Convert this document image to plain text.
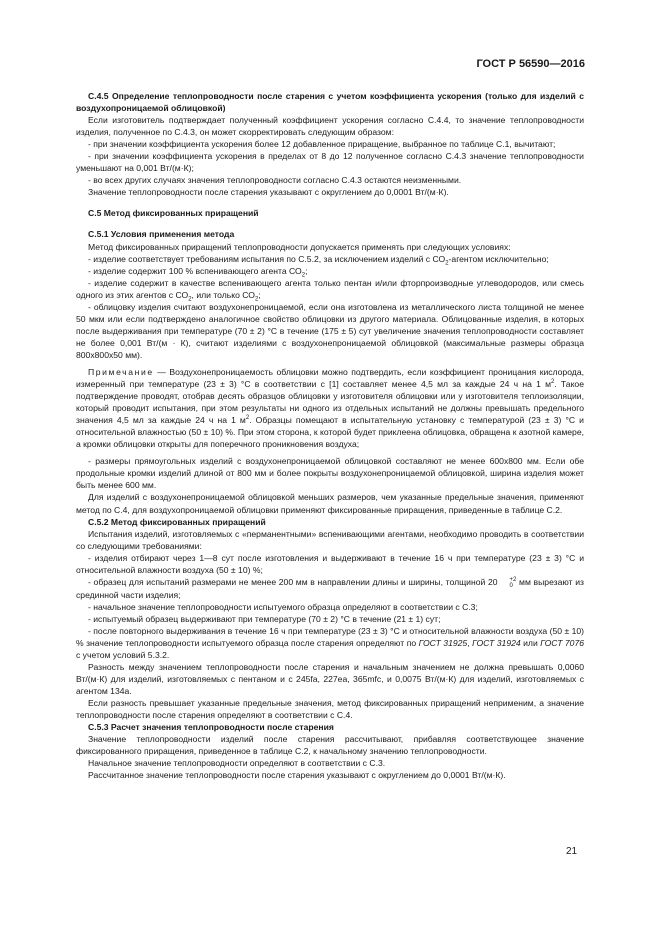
ГОСТ Р 56590—2016

С.4.5 Определение теплопроводности после старения с учетом коэффициента ускорения (только для изделий с воздухопроницаемой облицовкой)

Если изготовитель подтверждает полученный коэффициент ускорения согласно С.4.4, то значение теплопроводности изделия, полученное по С.4.3, он может скорректировать следующим образом:

- при значении коэффициента ускорения более 12 добавленное приращение, выбранное по таблице С.1, вычитают;

- при значении коэффициента ускорения в пределах от 8 до 12 полученное согласно С.4.3 значение теплопроводности уменьшают на 0,001 Вт/(м·К);

- во всех других случаях значения теплопроводности согласно С.4.3 остаются неизменными.

Значение теплопроводности после старения указывают с округлением до 0,0001 Вт/(м·К).

С.5 Метод фиксированных приращений

С.5.1 Условия применения метода

Метод фиксированных приращений теплопроводности допускается применять при следующих условиях:

- изделие соответствует требованиям испытания по С.5.2, за исключением изделий с $СО_2$-агентом исключительно;

- изделие содержит 100 % вспенивающего агента $СО_2$;

- изделие содержит в качестве вспенивающего агента только пентан и/или фторпроизводные углеводородов, или смесь одного из этих агентов с $СО_2$, или только $СО_2$;

- облицовку изделия считают воздухонепроницаемой, если она изготовлена из металлического листа толщиной не менее 50 мкм или если подтверждено аналогичное свойство облицовки из другого материала. Облицованные изделия, в которых после выдерживания при температуре (70 ± 2) °С в течение (175 ± 5) сут увеличение значения теплопроводности составляет не более 0,001 Вт/(м · К), считают изделиями с воздухонепроницаемой облицовкой (максимальные размеры образца 800x800x50 мм).

Примечание — Воздухонепроницаемость облицовки можно подтвердить, если коэффициент проницания кислорода, измеренный при температуре (23 ± 3) °С в соответствии с [1] составляет менее 4,5 мл за каждые 24 ч на 1 $м^2$. Такое подтверждение проводят, отобрав десять образцов облицовки у изготовителя облицовки или у изготовителя теплоизоляции, который проводит испытания, при этом результаты ни одного из отдельных испытаний не должны превышать предельного значения 4,5 мл за каждые 24 ч на 1 $м^2$. Образцы помещают в испытательную установку с температурой (23 ± 3) °С и относительной влажностью (50 ± 10) %. При этом сторона, к которой будет приклеена облицовка, обращена к азотной камере, а кромки облицовки открыты для поперечного проникновения воздуха;

- размеры прямоугольных изделий с воздухонепроницаемой облицовкой составляют не менее 600х800 мм. Если обе продольные кромки изделий длиной от 800 мм и более покрыты воздухонепроницаемой облицовкой, ширина изделия может быть менее 600 мм.

Для изделий с воздухонепроницаемой облицовкой меньших размеров, чем указанные предельные значения, применяют метод по С.4, для воздухопроницаемой облицовки применяют фиксированные приращения, приведенные в таблице С.2.

С.5.2 Метод фиксированных приращений

Испытания изделий, изготовляемых с «перманентными» вспенивающими агентами, необходимо проводить в соответствии со следующими требованиями:

- изделия отбирают через 1—8 сут после изготовления и выдерживают в течение 16 ч при температуре (23 ± 3) °С и относительной влажности воздуха (50 ± 10) %;

- образец для испытаний размерами не менее 200 мм в направлении длины и ширины, толщиной 20	+2
0 мм вырезают из срединной части изделия;

- начальное значение теплопроводности испытуемого образца определяют в соответствии с С.3;

- испытуемый образец выдерживают при температуре (70 ± 2) °С в течение (21 ± 1) сут;

- после повторного выдерживания в течение 16 ч при температуре (23 ± 3) °С и относительной влажности воздуха (50 ± 10) % значение теплопроводности испытуемого образца после старения определяют по ГОСТ 31925, ГОСТ 31924 или ГОСТ 7076 с учетом условий 5.3.2.

Разность между значением теплопроводности после старения и начальным значением не должна превышать 0,0060 Вт/(м·К) для изделий, изготовляемых с пентаном и с 245fa, 227ea, 365mfc, и 0,0075 Вт/(м·К) для изделий, изготовляемых с агентом 134а.

Если разность превышает указанные предельные значения, метод фиксированных приращений неприменим, а значение теплопроводности после старения определяют в соответствии с С.4.

С.5.3 Расчет значения теплопроводности после старения

Значение теплопроводности изделий после старения рассчитывают, прибавляя соответствующее значение фиксированного приращения, приведенное в таблице С.2, к начальному значению теплопроводности.

Начальное значение теплопроводности определяют в соответствии с С.3.

Рассчитанное значение теплопроводности после старения указывают с округлением до 0,0001 Вт/(м·К).

21
